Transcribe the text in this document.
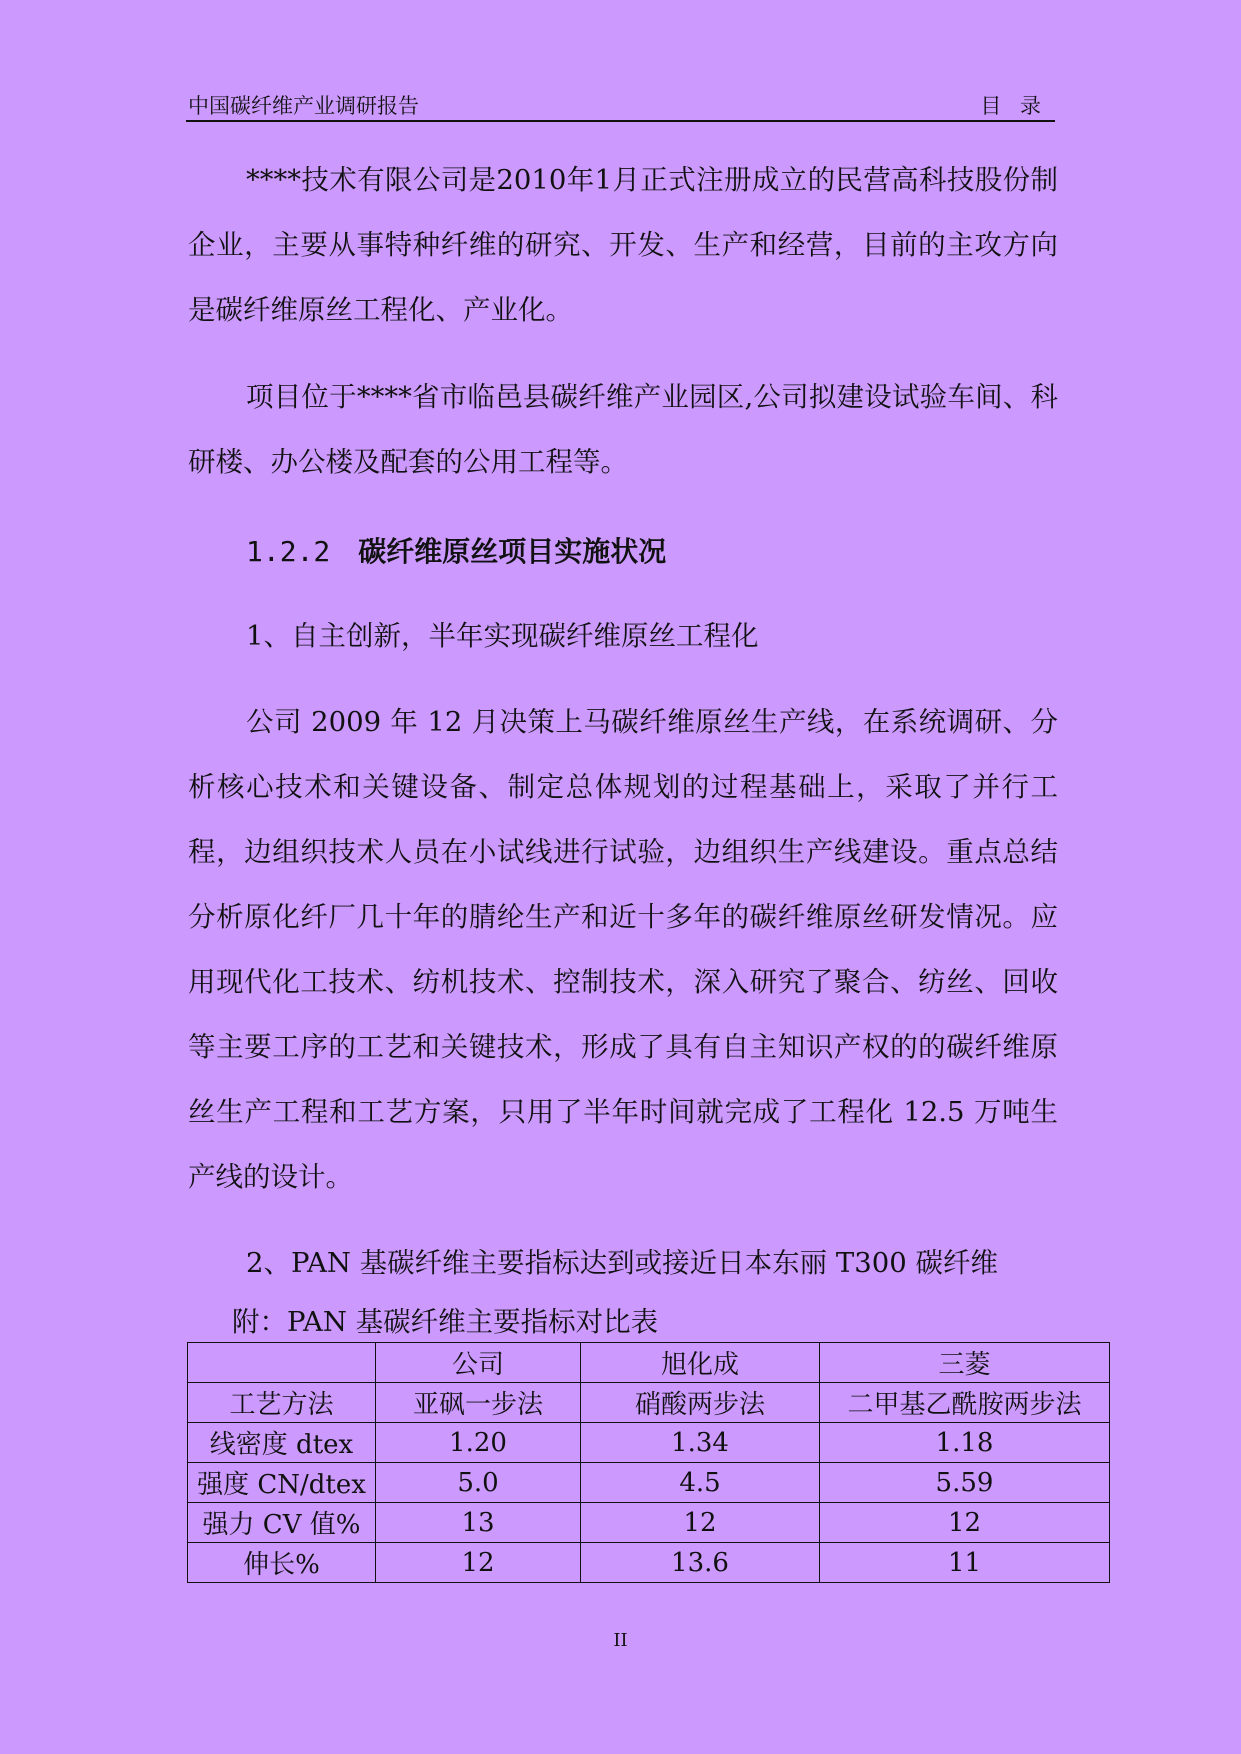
中国碳纤维产业调研报告	目 录

****技术有限公司是2010年1月正式注册成立的民营高科技股份制企业，主要从事特种纤维的研究、开发、生产和经营，目前的主攻方向是碳纤维原丝工程化、产业化。

项目位于****省市临邑县碳纤维产业园区,公司拟建设试验车间、科研楼、办公楼及配套的公用工程等。

1.2.2 碳纤维原丝项目实施状况

1、自主创新，半年实现碳纤维原丝工程化

公司 2009 年 12 月决策上马碳纤维原丝生产线，在系统调研、分析核心技术和关键设备、制定总体规划的过程基础上，采取了并行工程，边组织技术人员在小试线进行试验，边组织生产线建设。重点总结分析原化纤厂几十年的腈纶生产和近十多年的碳纤维原丝研发情况。应用现代化工技术、纺机技术、控制技术，深入研究了聚合、纺丝、回收等主要工序的工艺和关键技术，形成了具有自主知识产权的的碳纤维原丝生产工程和工艺方案，只用了半年时间就完成了工程化 12.5 万吨生产线的设计。

2、PAN 基碳纤维主要指标达到或接近日本东丽 T300 碳纤维

附：PAN 基碳纤维主要指标对比表

	公司	旭化成	三菱
工艺方法	亚砜一步法	硝酸两步法	二甲基乙酰胺两步法
线密度 dtex	1.20	1.34	1.18
强度 CN/dtex	5.0	4.5	5.59
强力 CV 值%	13	12	12
伸长%	12	13.6	11
II
